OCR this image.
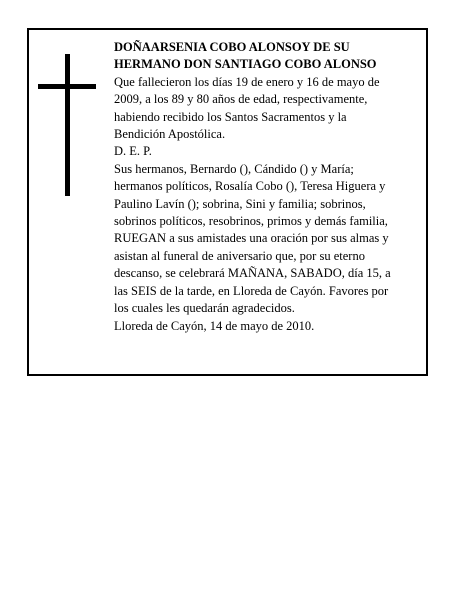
DOÑAARSENIA COBO ALONSOY DE SU
HERMANO DON SANTIAGO COBO ALONSO
Que fallecieron los días 19 de enero y 16 de mayo de
2009, a los 89 y 80 años de edad, respectivamente,
habiendo recibido los Santos Sacramentos y la
Bendición Apostólica.
D. E. P.
Sus hermanos, Bernardo (), Cándido () y María;
hermanos políticos, Rosalía Cobo (), Teresa Higuera y
Paulino Lavín (); sobrina, Sini y familia; sobrinos,
sobrinos políticos, resobrinos, primos y demás familia,
RUEGAN a sus amistades una oración por sus almas y
asistan al funeral de aniversario que, por su eterno
descanso, se celebrará MAÑANA, SABADO, día 15, a
las SEIS de la tarde, en Lloreda de Cayón. Favores por
los cuales les quedarán agradecidos.
Lloreda de Cayón, 14 de mayo de 2010.
